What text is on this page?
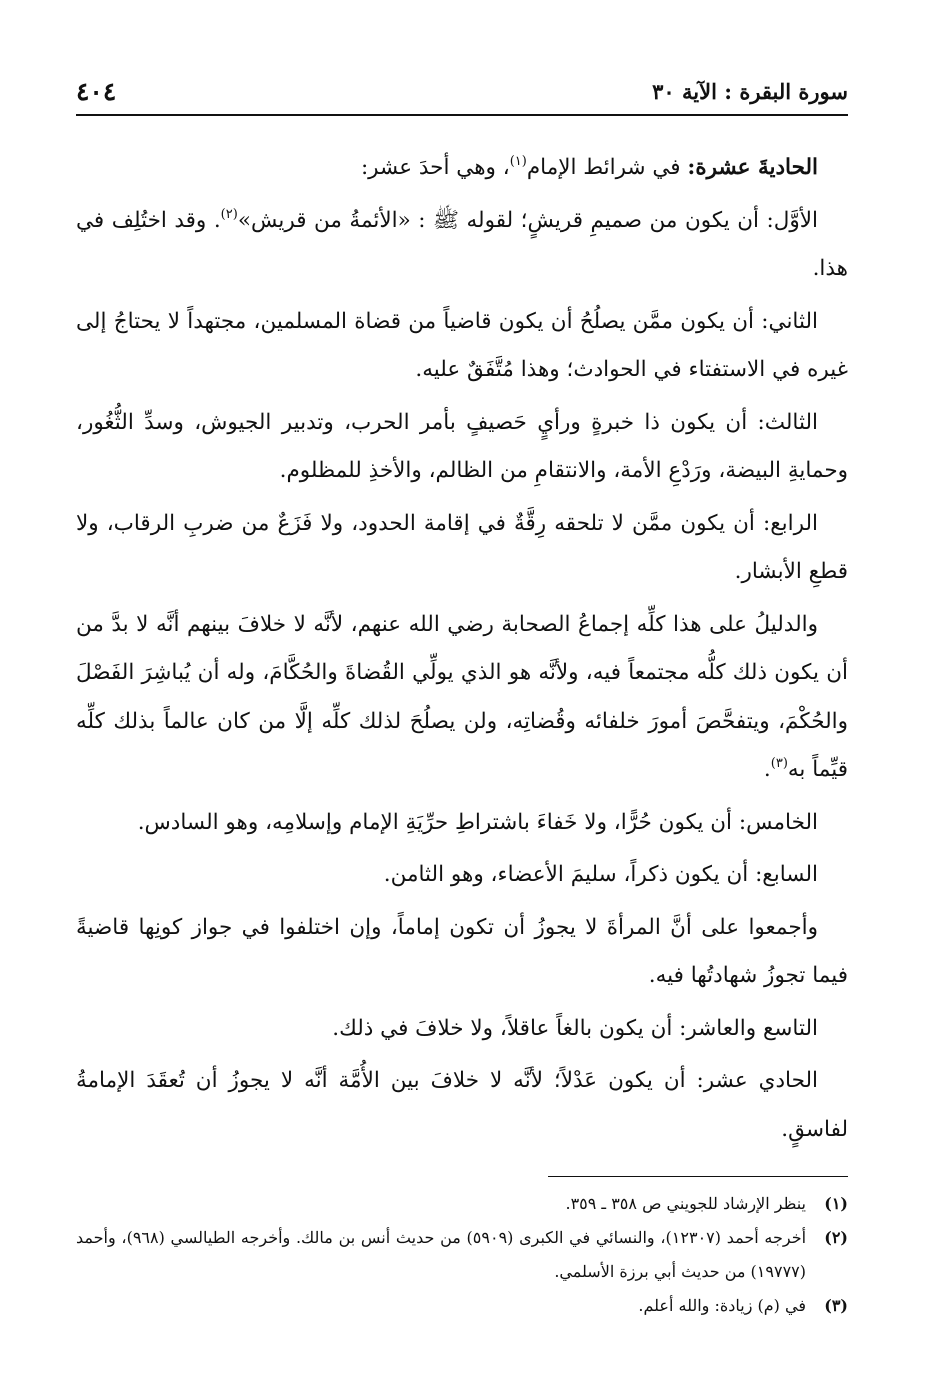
سورة البقرة : الآية ٣٠
٤٠٤

الحاديةَ عشرة: في شرائط الإمام$^{(١)}$، وهي أحدَ عشر:

الأوَّل: أن يكون من صميمِ قريشٍ؛ لقوله ﷺ : «الأئمةُ من قريش»$^{(٢)}$. وقد اختُلِف في هذا.

الثاني: أن يكون ممَّن يصلُحُ أن يكون قاضياً من قضاة المسلمين، مجتهداً لا يحتاجُ إلى غيره في الاستفتاء في الحوادث؛ وهذا مُتَّفَقٌ عليه.

الثالث: أن يكون ذا خبرةٍ ورأيٍ حَصيفٍ بأمر الحرب، وتدبير الجيوش، وسدِّ الثُّغُور، وحمايةِ البيضة، ورَدْعِ الأمة، والانتقامِ من الظالم، والأخذِ للمظلوم.

الرابع: أن يكون ممَّن لا تلحقه رِقَّةٌ في إقامة الحدود، ولا فَزَعٌ من ضربِ الرقاب، ولا قطعِ الأبشار.

والدليلُ على هذا كلِّه إجماعُ الصحابة رضي الله عنهم، لأنَّه لا خلافَ بينهم أنَّه لا بدَّ من أن يكون ذلك كلُّه مجتمعاً فيه، ولأنَّه هو الذي يولِّي القُضاةَ والحُكَّامَ، وله أن يُباشِرَ الفَصْلَ والحُكْمَ، ويتفحَّصَ أمورَ خلفائه وقُضاتِه، ولن يصلُحَ لذلك كلِّه إلَّا من كان عالماً بذلك كلِّه قيِّماً به$^{(٣)}$.

الخامس: أن يكون حُرًّا، ولا خَفاءَ باشتراطِ حرِّيَةِ الإمام وإسلامِه، وهو السادس.

السابع: أن يكون ذكراً، سليمَ الأعضاء، وهو الثامن.

وأجمعوا على أنَّ المرأةَ لا يجوزُ أن تكون إماماً، وإن اختلفوا في جواز كونِها قاضيةً فيما تجوزُ شهادتُها فيه.

التاسع والعاشر: أن يكون بالغاً عاقلاً، ولا خلافَ في ذلك.

الحادي عشر: أن يكون عَدْلاً؛ لأنَّه لا خلافَ بين الأُمَّة أنَّه لا يجوزُ أن تُعقَدَ الإمامةُ لفاسقٍ.

(١)
ينظر الإرشاد للجويني ص ٣٥٨ ـ ٣٥٩.

(٢)
أخرجه أحمد (١٢٣٠٧)، والنسائي في الكبرى (٥٩٠٩) من حديث أنس بن مالك. وأخرجه الطيالسي (٩٦٨)، وأحمد (١٩٧٧٧) من حديث أبي برزة الأسلمي.

(٣)
في (م) زيادة: والله أعلم.
